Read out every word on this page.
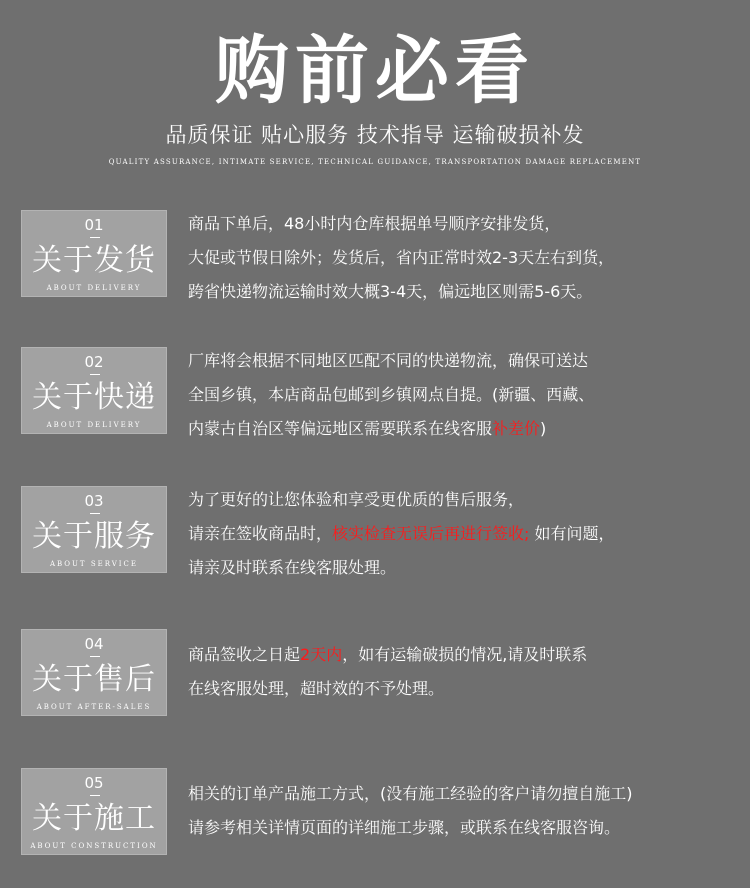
购前必看
品质保证 贴心服务 技术指导 运输破损补发
QUALITY ASSURANCE, INTIMATE SERVICE, TECHNICAL GUIDANCE, TRANSPORTATION DAMAGE REPLACEMENT
01
关于发货
ABOUT DELIVERY

商品下单后，48小时内仓库根据单号顺序安排发货，

大促或节假日除外；发货后，省内正常时效2-3天左右到货，

跨省快递物流运输时效大概3-4天，偏远地区则需5-6天。

02
关于快递
ABOUT DELIVERY

厂库将会根据不同地区匹配不同的快递物流，确保可送达

全国乡镇，本店商品包邮到乡镇网点自提。(新疆、西藏、

内蒙古自治区等偏远地区需要联系在线客服补差价)

03
关于服务
ABOUT SERVICE

为了更好的让您体验和享受更优质的售后服务，

请亲在签收商品时，核实检查无误后再进行签收; 如有问题，

请亲及时联系在线客服处理。

04
关于售后
ABOUT AFTER-SALES

商品签收之日起2天内，如有运输破损的情况,请及时联系

在线客服处理，超时效的不予处理。

05
关于施工
ABOUT CONSTRUCTION

相关的订单产品施工方式，(没有施工经验的客户请勿擅自施工)

请参考相关详情页面的详细施工步骤，或联系在线客服咨询。
